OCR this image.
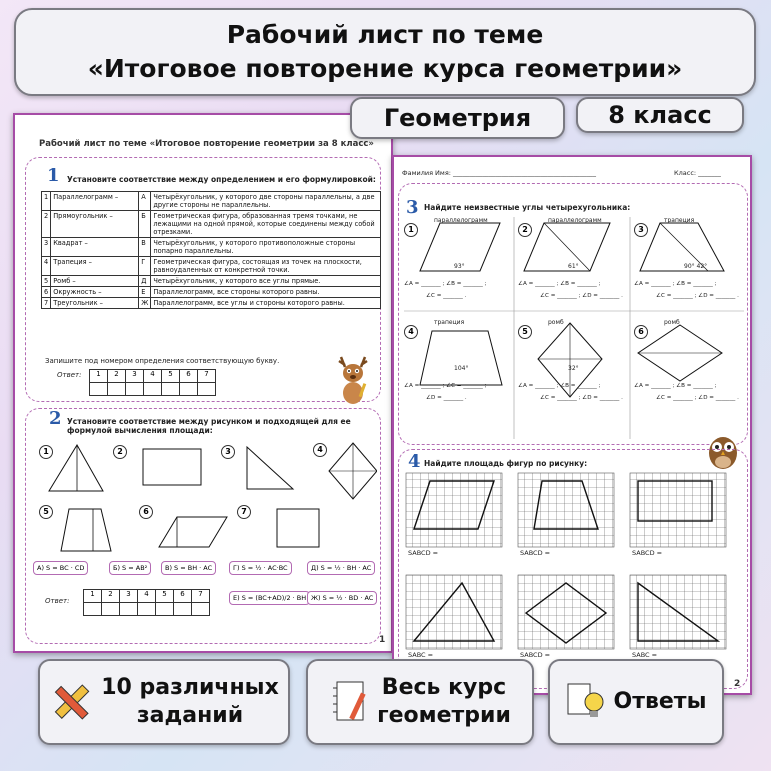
Рабочий лист по теме
«Итоговое повторение курса геометрии»
Рабочий лист по теме «Итоговое повторение геометрии за 8 класс»
1 Установите соответствие между определением и его формулировкой:
1	Параллелограмм –	А	Четырёхугольник, у которого две стороны параллельны, а две другие стороны не параллельны.
2	Прямоугольник –	Б	Геометрическая фигура, образованная тремя точками, не лежащими на одной прямой, которые соединены между собой отрезками.
3	Квадрат –	В	Четырёхугольник, у которого противоположные стороны попарно параллельны.
4	Трапеция –	Г	Геометрическая фигура, состоящая из точек на плоскости, равноудаленных от конкретной точки.
5	Ромб –	Д	Четырёхугольник, у которого все углы прямые.
6	Окружность –	Е	Параллелограмм, все стороны которого равны.
7	Треугольник –	Ж	Параллелограмм, все углы и стороны которого равны.
Запишите под номером определения соответствующую букву.
Ответ: 1	2	3	4	5	6	7

2 Установите соответствие между рисунком и подходящей для ее формулой вычисления площади:
1	2	3	4
5	6	7
А) S = BC · CD	Б) S = AB²	В) S = BH · AC	Г) S = ½ · AC·BC	Д) S = ½ · BH · AC
Е) S = (BC+AD)/2 · BH Ж) S = ½ · BD · AC
Ответ:
1	2	3	4	5	6	7

1
Фамилия Имя: ____________________________________________	Класс: _______
3 Найдите неизвестные углы четырехугольника:
1
параллелограмм
93°
∠A = _______ ; ∠B = _______ ;
∠C = _______ .
2
параллелограмм
61°
∠A = _______ ; ∠B = _______ ;
∠C = _______ ; ∠D = _______ .
3
трапеция
90° 42°
∠A = _______ ; ∠B = _______ ;
∠C = _______ ; ∠D = _______ .
4
трапеция
104°
∠A = _______ ; ∠C = _______ ;
∠D = _______ .
5
ромб
32°
∠A = _______ ; ∠B = _______ ;
∠C = _______ ; ∠D = _______ .
6
ромб
∠A = _______ ; ∠B = _______ ;
∠C = _______ ; ∠D = _______ .
4 Найдите площадь фигур по рисунку:
SABCD =	SABCD =	SABCD =
SABC =	SABCD =	SABC =
2
Геометрия	8 класс
10 различных
заданий
Весь курс
геометрии
Ответы
